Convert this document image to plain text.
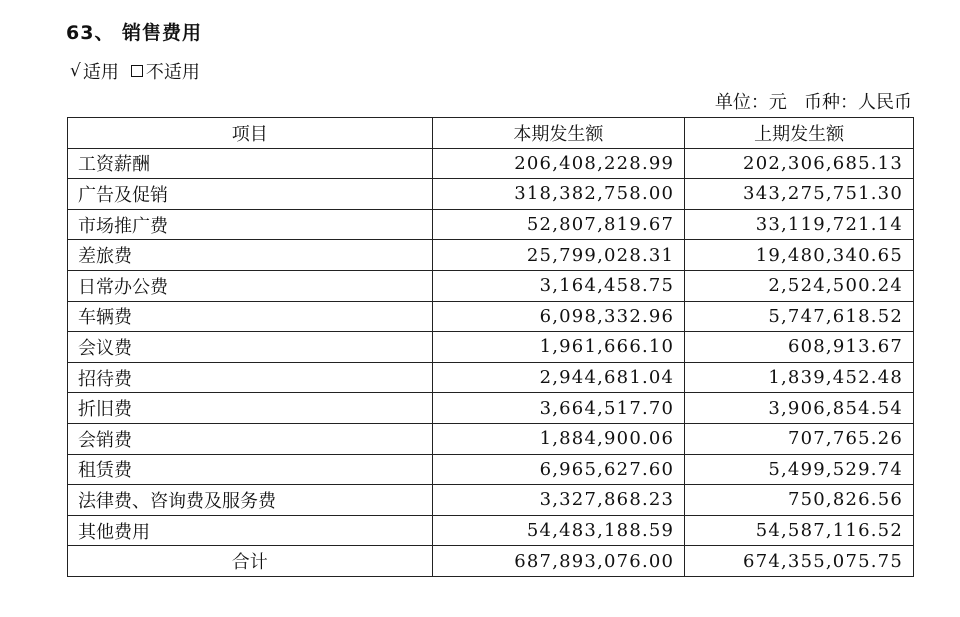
63、 销售费用
√ 适用 不适用
单位：元   币种：人民币
项目	本期发生额	上期发生额
工资薪酬	206,408,228.99	202,306,685.13
广告及促销	318,382,758.00	343,275,751.30
市场推广费	52,807,819.67	33,119,721.14
差旅费	25,799,028.31	19,480,340.65
日常办公费	3,164,458.75	2,524,500.24
车辆费	6,098,332.96	5,747,618.52
会议费	1,961,666.10	608,913.67
招待费	2,944,681.04	1,839,452.48
折旧费	3,664,517.70	3,906,854.54
会销费	1,884,900.06	707,765.26
租赁费	6,965,627.60	5,499,529.74
法律费、咨询费及服务费	3,327,868.23	750,826.56
其他费用	54,483,188.59	54,587,116.52
合计	687,893,076.00	674,355,075.75
